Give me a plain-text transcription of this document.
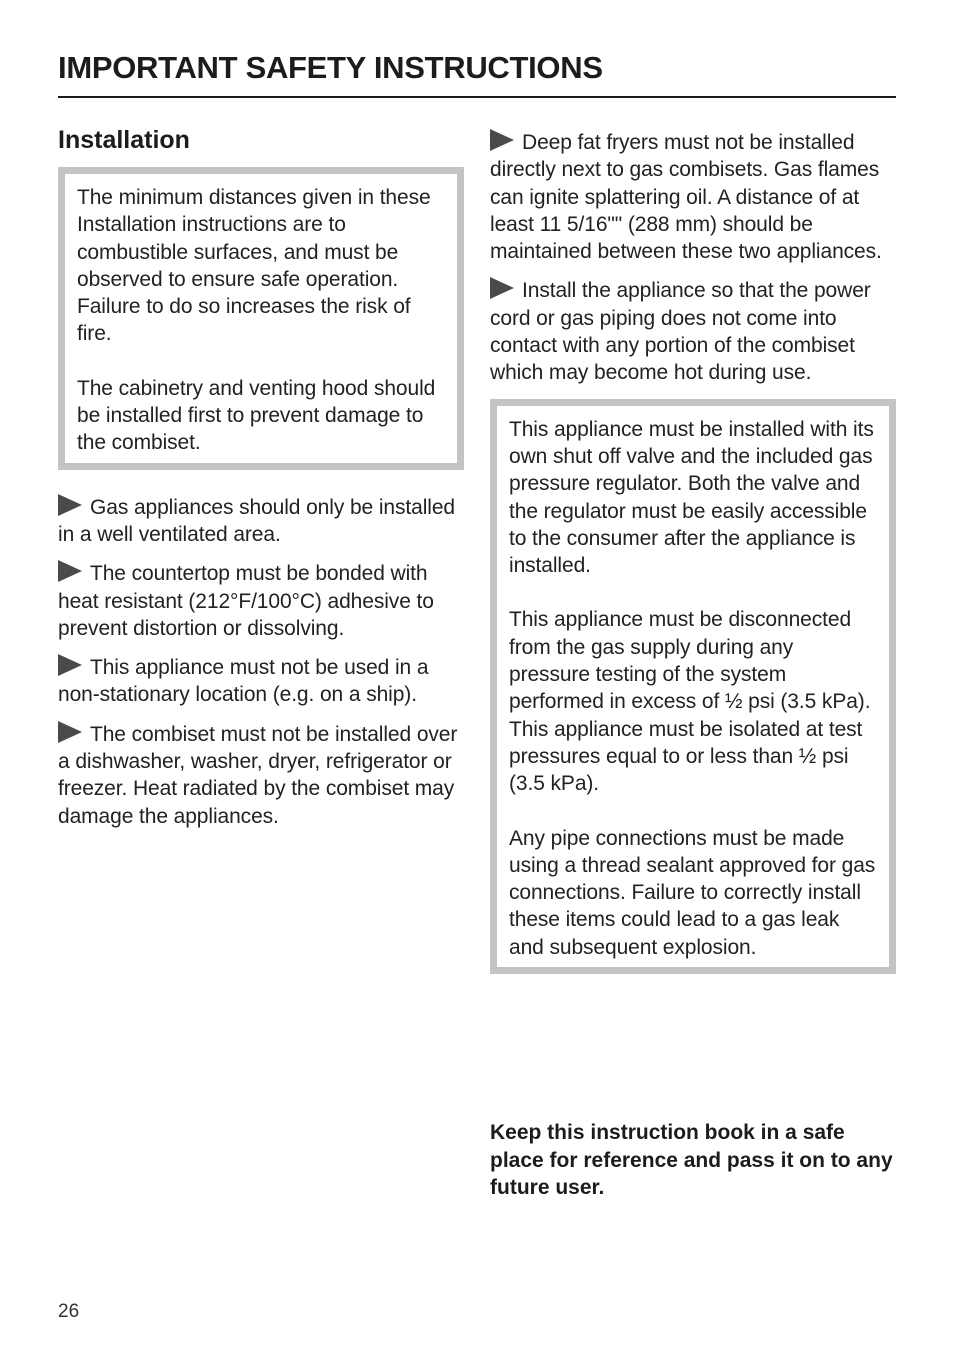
IMPORTANT SAFETY INSTRUCTIONS
Installation

The minimum distances given in these Installation instructions are to combustible surfaces, and must be observed to ensure safe operation. Failure to do so increases the risk of fire.

The cabinetry and venting hood should be installed first to prevent damage to the combiset.

Gas appliances should only be installed in a well ventilated area.

The countertop must be bonded with heat resistant (212°F/100°C) adhesive to prevent distortion or dissolving.

This appliance must not be used in a non-stationary location (e.g. on a ship).

The combiset must not be installed over a dishwasher, washer, dryer, refrigerator or freezer. Heat radiated by the combiset may damage the appliances.

Deep fat fryers must not be installed directly next to gas combisets. Gas flames can ignite splattering oil. A distance of at least 11 5/16"" (288 mm) should be maintained between these two appliances.

Install the appliance so that the power cord or gas piping does not come into contact with any portion of the combiset which may become hot during use.

This appliance must be installed with its own shut off valve and the included gas pressure regulator. Both the valve and the regulator must be easily accessible to the consumer after the appliance is installed.

This appliance must be disconnected from the gas supply during any pressure testing of the system performed in excess of ½ psi (3.5 kPa). This appliance must be isolated at test pressures equal to or less than ½ psi (3.5 kPa).

Any pipe connections must be made using a thread sealant approved for gas connections. Failure to correctly install these items could lead to a gas leak and subsequent explosion.

Keep this instruction book in a safe place for reference and pass it on to any future user.

26
